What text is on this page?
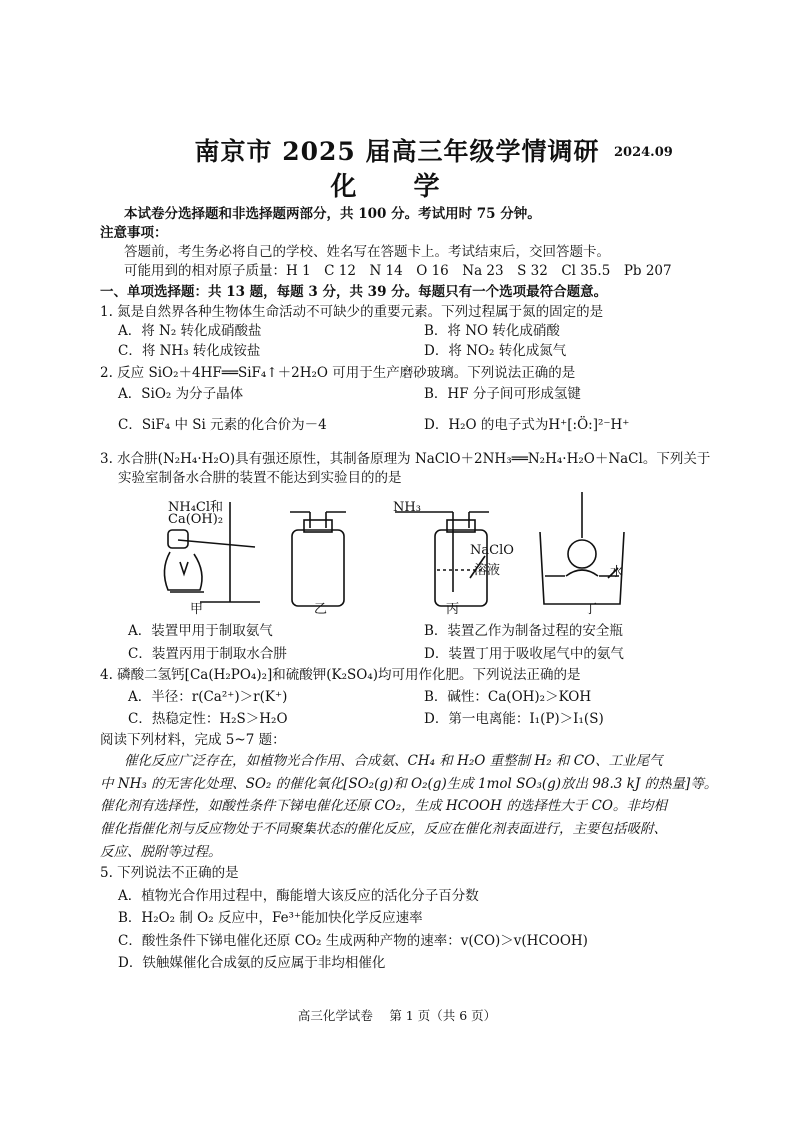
南京市 2025 届高三年级学情调研	2024.09
化 学
本试卷分选择题和非选择题两部分，共 100 分。考试用时 75 分钟。
注意事项：
答题前，考生务必将自己的学校、姓名写在答题卡上。考试结束后，交回答题卡。
可能用到的相对原子质量：H 1　C 12　N 14　O 16　Na 23　S 32　Cl 35.5　Pb 207
一、单项选择题：共 13 题，每题 3 分，共 39 分。每题只有一个选项最符合题意。
1. 氮是自然界各种生物体生命活动不可缺少的重要元素。下列过程属于氮的固定的是
A．将 N₂ 转化成硝酸盐	B．将 NO 转化成硝酸
C．将 NH₃ 转化成铵盐	D．将 NO₂ 转化成氮气
2. 反应 SiO₂＋4HF══SiF₄↑＋2H₂O 可用于生产磨砂玻璃。下列说法正确的是
A．SiO₂ 为分子晶体	B．HF 分子间可形成氢键
C．SiF₄ 中 Si 元素的化合价为－4	D．H₂O 的电子式为H⁺[:Ö:]²⁻H⁺
3. 水合肼(N₂H₄·H₂O)具有强还原性，其制备原理为 NaClO＋2NH₃══N₂H₄·H₂O＋NaCl。下列关于
实验室制备水合肼的装置不能达到实验目的的是
NH₄Cl和
Ca(OH)₂
NH₃
NaClO
溶液	水
甲	乙	丙	丁
A．装置甲用于制取氨气	B．装置乙作为制备过程的安全瓶
C．装置丙用于制取水合肼	D．装置丁用于吸收尾气中的氨气
4. 磷酸二氢钙[Ca(H₂PO₄)₂]和硫酸钾(K₂SO₄)均可用作化肥。下列说法正确的是
A．半径：r(Ca²⁺)＞r(K⁺)	B．碱性：Ca(OH)₂＞KOH
C．热稳定性：H₂S＞H₂O	D．第一电离能：I₁(P)＞I₁(S)
阅读下列材料，完成 5~7 题：
催化反应广泛存在，如植物光合作用、合成氨、CH₄ 和 H₂O 重整制 H₂ 和 CO、工业尾气
中 NH₃ 的无害化处理、SO₂ 的催化氧化[SO₂(g)和 O₂(g)生成 1mol SO₃(g)放出 98.3 kJ 的热量]等。
催化剂有选择性，如酸性条件下锑电催化还原 CO₂，生成 HCOOH 的选择性大于 CO。非均相
催化指催化剂与反应物处于不同聚集状态的催化反应，反应在催化剂表面进行，主要包括吸附、
反应、脱附等过程。
5. 下列说法不正确的是
A．植物光合作用过程中，酶能增大该反应的活化分子百分数
B．H₂O₂ 制 O₂ 反应中，Fe³⁺能加快化学反应速率
C．酸性条件下锑电催化还原 CO₂ 生成两种产物的速率：v(CO)＞v(HCOOH)
D．铁触媒催化合成氨的反应属于非均相催化
高三化学试卷　 第 1 页（共 6 页）
